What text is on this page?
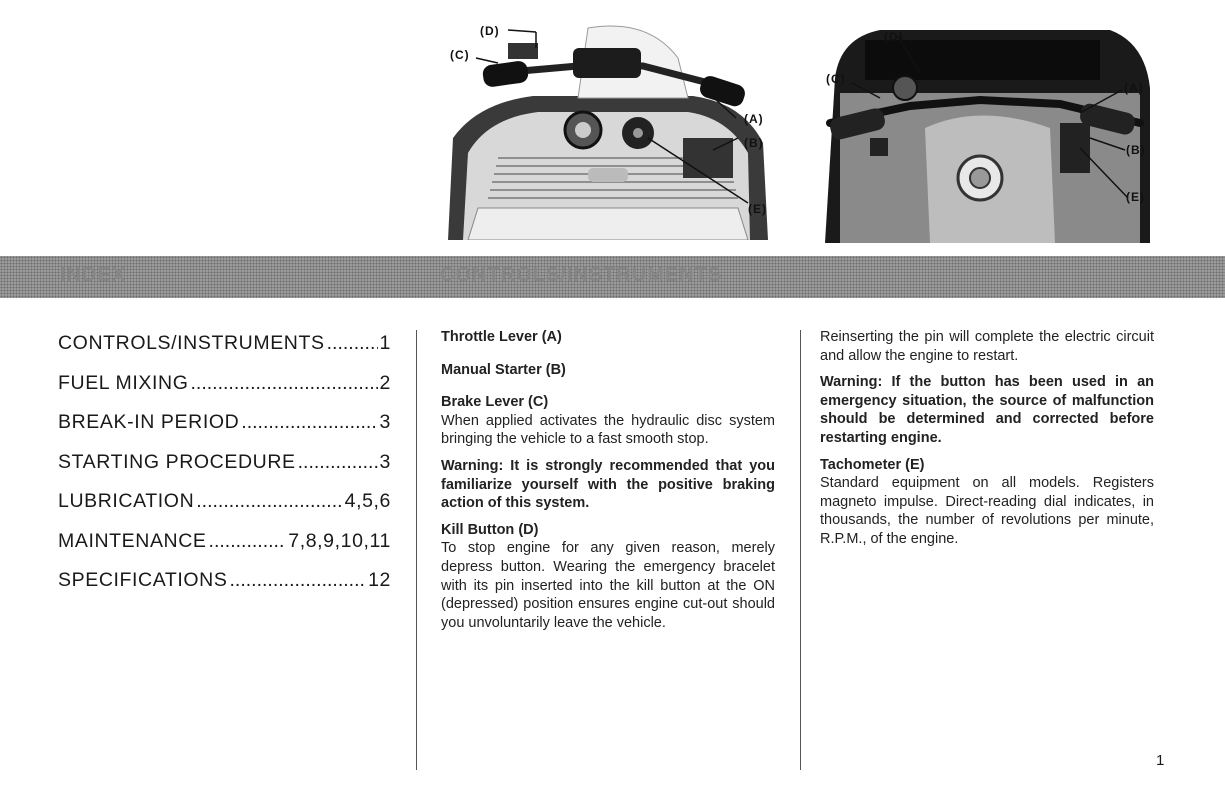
(D)
(C)
(A)
(B)
(E)
(D)
(C)
(A)
(B)
(E)
INDEX	CONTROLS/INSTRUMENTS
CONTROLS/INSTRUMENTS .....	1
FUEL MIXING .....	2
BREAK-IN PERIOD .....	3
STARTING PROCEDURE .....	3
LUBRICATION .....	4,5,6
MAINTENANCE .....	7,8,9,10,11
SPECIFICATIONS .....	12

Throttle Lever (A)

Manual Starter (B)

Brake Lever (C)

When applied activates the hydraulic disc system bringing the vehicle to a fast smooth stop.

Warning: It is strongly recommended that you familiarize yourself with the positive braking action of this system.

Kill Button (D)

To stop engine for any given reason, merely depress button. Wearing the emergency bracelet with its pin inserted into the kill button at the ON (depressed) position ensures engine cut-out should you unvoluntarily leave the vehicle.

Reinserting the pin will complete the electric circuit and allow the engine to restart.

Warning: If the button has been used in an emergency situation, the source of malfunction should be determined and corrected before restarting engine.

Tachometer (E)

Standard equipment on all models. Registers magneto impulse. Direct-reading dial indicates, in thousands, the number of revolutions per minute, R.P.M., of the engine.

1
